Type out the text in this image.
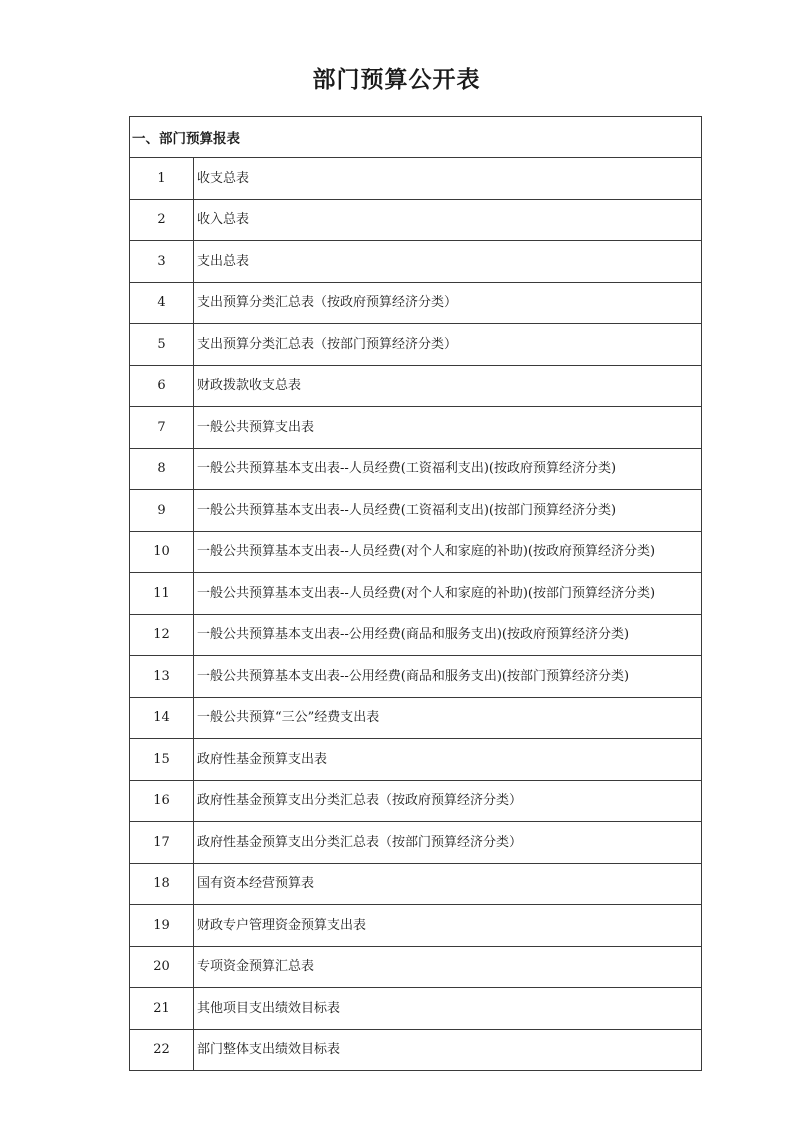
部门预算公开表
一、部门预算报表	
1	收支总表
2	收入总表
3	支出总表
4	支出预算分类汇总表（按政府预算经济分类）
5	支出预算分类汇总表（按部门预算经济分类）
6	财政拨款收支总表
7	一般公共预算支出表
8	一般公共预算基本支出表--人员经费(工资福利支出)(按政府预算经济分类)
9	一般公共预算基本支出表--人员经费(工资福利支出)(按部门预算经济分类)
10	一般公共预算基本支出表--人员经费(对个人和家庭的补助)(按政府预算经济分类)
11	一般公共预算基本支出表--人员经费(对个人和家庭的补助)(按部门预算经济分类)
12	一般公共预算基本支出表--公用经费(商品和服务支出)(按政府预算经济分类)
13	一般公共预算基本支出表--公用经费(商品和服务支出)(按部门预算经济分类)
14	一般公共预算“三公”经费支出表
15	政府性基金预算支出表
16	政府性基金预算支出分类汇总表（按政府预算经济分类）
17	政府性基金预算支出分类汇总表（按部门预算经济分类）
18	国有资本经营预算表
19	财政专户管理资金预算支出表
20	专项资金预算汇总表
21	其他项目支出绩效目标表
22	部门整体支出绩效目标表
